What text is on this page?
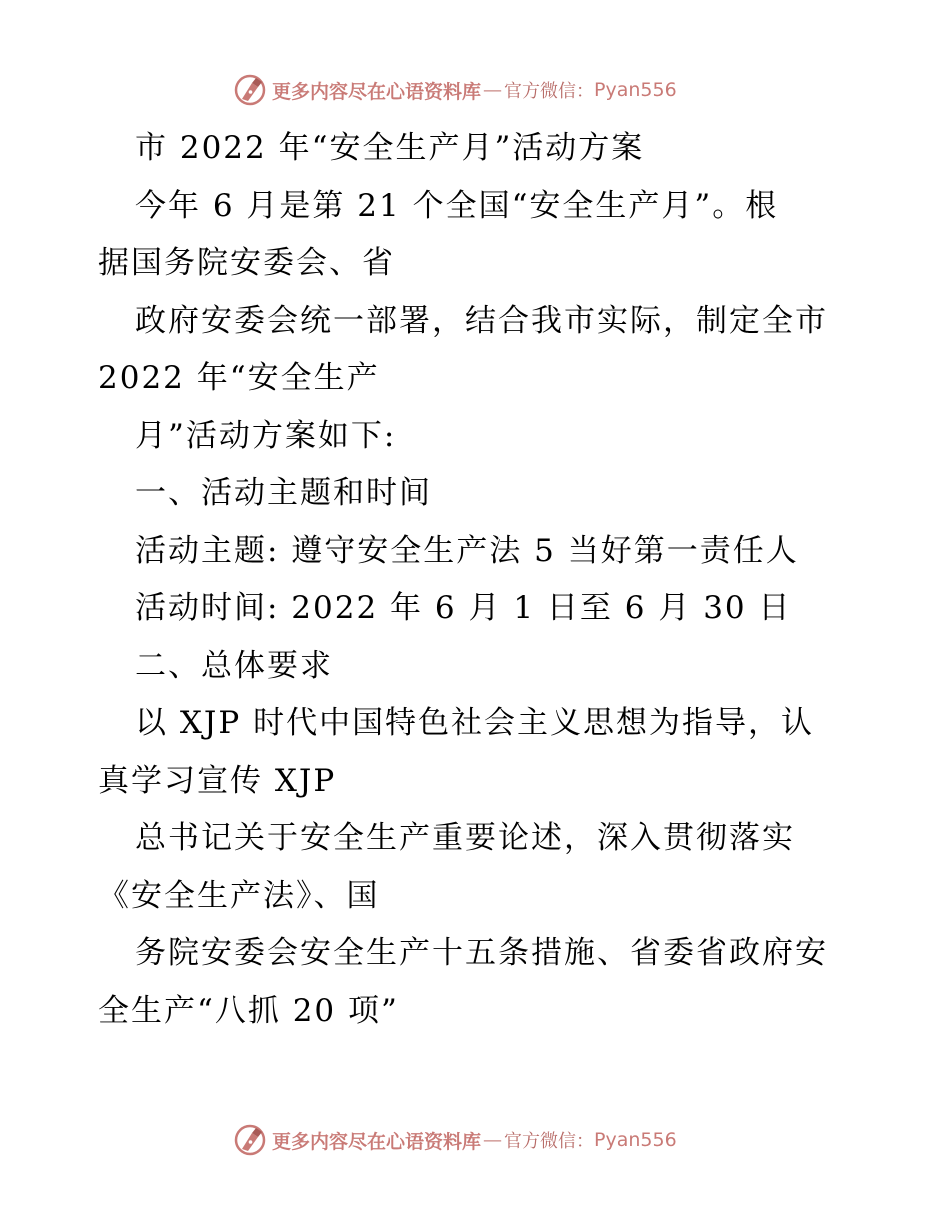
更多内容尽在心语资料库 — 官方微信： Pyan556
市 2022 年“安全生产月”活动方案
今年 6 月是第 21 个全国“安全生产月”。根
据国务院安委会、省
政府安委会统一部署，结合我市实际，制定全市
2022 年“安全生产
月”活动方案如下:
一、活动主题和时间
活动主题: 遵守安全生产法 5 当好第一责任人
活动时间: 2022 年 6 月 1 日至 6 月 30 日
二、总体要求
以 XJP 时代中国特色社会主义思想为指导，认
真学习宣传 XJP
总书记关于安全生产重要论述，深入贯彻落实
《安全生产法》、国
务院安委会安全生产十五条措施、省委省政府安
全生产“八抓 20 项”
更多内容尽在心语资料库 — 官方微信： Pyan556
